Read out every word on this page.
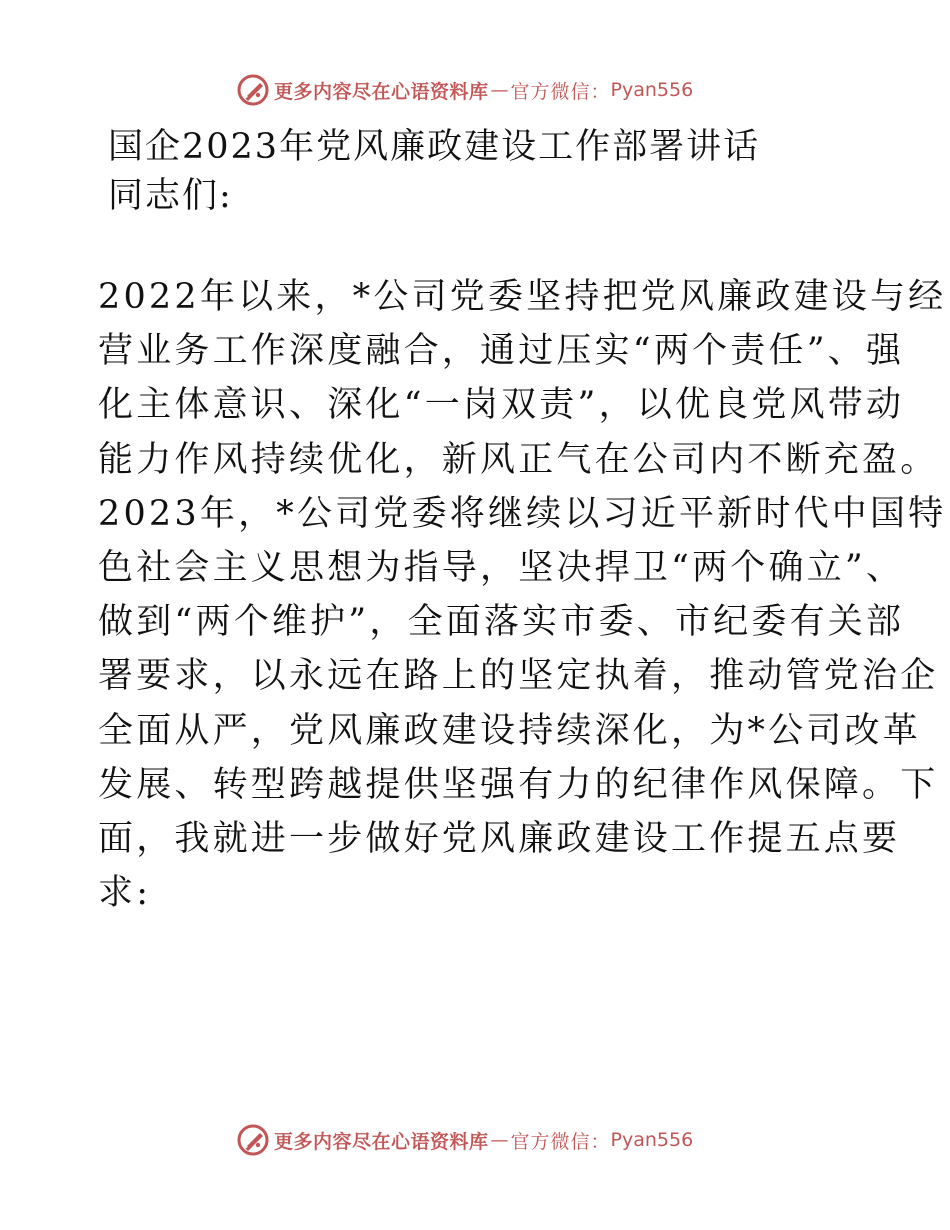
更多内容尽在心语资料库 — 官方微信： Pyan556
国企2023年党风廉政建设工作部署讲话

同志们:

2022年以来，*公司党委坚持把党风廉政建设与经
营业务工作深度融合，通过压实“两个责任”、强
化主体意识、深化“一岗双责”，以优良党风带动
能力作风持续优化，新风正气在公司内不断充盈。
2023年，*公司党委将继续以习近平新时代中国特
色社会主义思想为指导，坚决捍卫“两个确立”、
做到“两个维护”，全面落实市委、市纪委有关部
署要求，以永远在路上的坚定执着，推动管党治企
全面从严，党风廉政建设持续深化，为*公司改革
发展、转型跨越提供坚强有力的纪律作风保障。下
面，我就进一步做好党风廉政建设工作提五点要
求:
更多内容尽在心语资料库 — 官方微信： Pyan556
